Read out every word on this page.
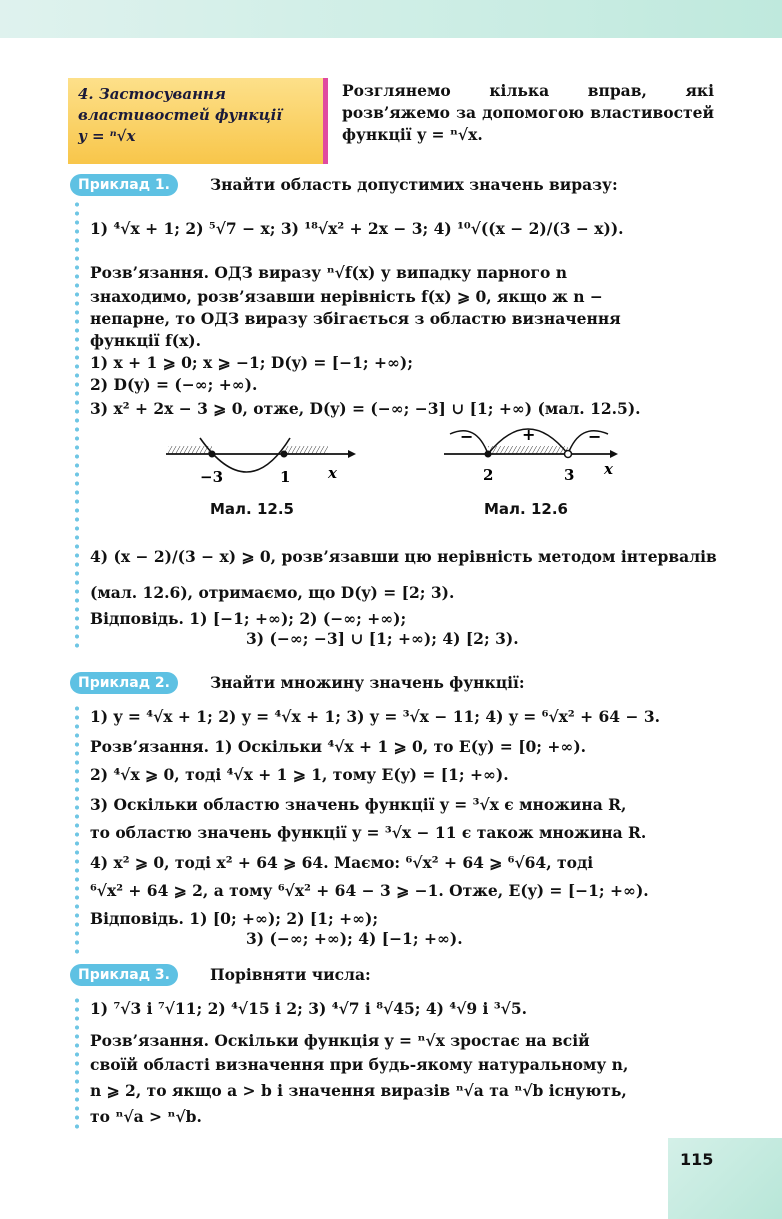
115
4. Застосування
властивостей функції
y = ⁿ√x
Розглянемо кілька вправ, які розв’яжемо за допомогою властивостей функції y = ⁿ√x.
Приклад 1.	Знайти область допустимих значень виразу:
1) ⁴√x + 1; 2) ⁵√7 − x; 3) ¹⁸√x² + 2x − 3; 4) ¹⁰√((x − 2)/(3 − x)).
Розв’язання. ОДЗ виразу ⁿ√f(x) у випадку парного n
знаходимо, розв’язавши нерівність f(x) ⩾ 0, якщо ж n −
непарне, то ОДЗ виразу збігається з областю визначення
функції f(x).
1) x + 1 ⩾ 0; x ⩾ −1; D(y) = [−1; +∞);
2) D(y) = (−∞; +∞).
3) x² + 2x − 3 ⩾ 0, отже, D(y) = (−∞; −3] ∪ [1; +∞) (мал. 12.5).
−3	1	x
Мал. 12.5
−	+	−
2	3 x
Мал. 12.6
4) (x − 2)/(3 − x) ⩾ 0, розв’язавши цю нерівність методом інтервалів
(мал. 12.6), отримаємо, що D(y) = [2; 3).
Відповідь. 1) [−1; +∞); 2) (−∞; +∞);
3) (−∞; −3] ∪ [1; +∞); 4) [2; 3).
Приклад 2.	Знайти множину значень функції:
1) y = ⁴√x + 1; 2) y = ⁴√x + 1; 3) y = ³√x − 11; 4) y = ⁶√x² + 64 − 3.
Розв’язання. 1) Оскільки ⁴√x + 1 ⩾ 0, то E(y) = [0; +∞).
2) ⁴√x ⩾ 0, тоді ⁴√x + 1 ⩾ 1, тому E(y) = [1; +∞).
3) Оскільки областю значень функції y = ³√x є множина R,
то областю значень функції y = ³√x − 11 є також множина R.
4) x² ⩾ 0, тоді x² + 64 ⩾ 64. Маємо: ⁶√x² + 64 ⩾ ⁶√64, тоді
⁶√x² + 64 ⩾ 2, а тому ⁶√x² + 64 − 3 ⩾ −1. Отже, E(y) = [−1; +∞).
Відповідь. 1) [0; +∞); 2) [1; +∞);
3) (−∞; +∞); 4) [−1; +∞).
Приклад 3.	Порівняти числа:
1) ⁷√3 і ⁷√11; 2) ⁴√15 і 2; 3) ⁴√7 і ⁸√45; 4) ⁴√9 і ³√5.
Розв’язання. Оскільки функція y = ⁿ√x зростає на всій
своїй області визначення при будь-якому натуральному n,
n ⩾ 2, то якщо a > b і значення виразів ⁿ√a та ⁿ√b існують,
то ⁿ√a > ⁿ√b.
